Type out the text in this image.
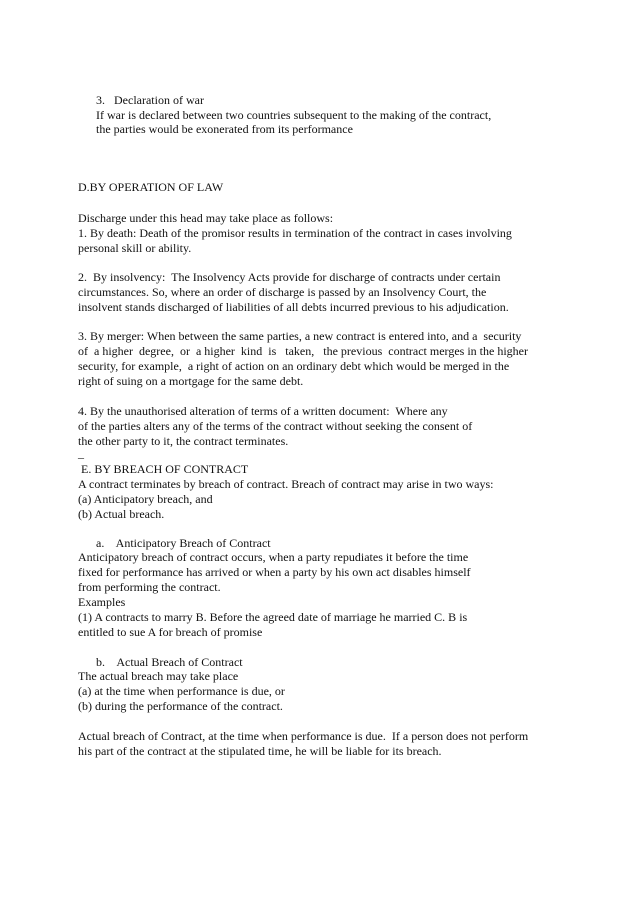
3.   Declaration of war

If war is declared between two countries subsequent to the making of the contract,

the parties would be exonerated from its performance

D.BY OPERATION OF LAW

Discharge under this head may take place as follows:

1. By death: Death of the promisor results in termination of the contract in cases involving

personal skill or ability.

2.  By insolvency:  The Insolvency Acts provide for discharge of contracts under certain

circumstances. So, where an order of discharge is passed by an Insolvency Court, the

insolvent stands discharged of liabilities of all debts incurred previous to his adjudication.

3. By merger: When between the same parties, a new contract is entered into, and a  security

of  a higher  degree,  or  a higher  kind  is   taken,   the previous  contract merges in the higher

security, for example,  a right of action on an ordinary debt which would be merged in the

right of suing on a mortgage for the same debt.

4. By the unauthorised alteration of terms of a written document:  Where any

of the parties alters any of the terms of the contract without seeking the consent of

the other party to it, the contract terminates.

_

E. BY BREACH OF CONTRACT

A contract terminates by breach of contract. Breach of contract may arise in two ways:

(a) Anticipatory breach, and

(b) Actual breach.

a.    Anticipatory Breach of Contract

Anticipatory breach of contract occurs, when a party repudiates it before the time

fixed for performance has arrived or when a party by his own act disables himself

from performing the contract.

Examples

(1) A contracts to marry B. Before the agreed date of marriage he married C. B is

entitled to sue A for breach of promise

b.    Actual Breach of Contract

The actual breach may take place

(a) at the time when performance is due, or

(b) during the performance of the contract.

Actual breach of Contract, at the time when performance is due.  If a person does not perform

his part of the contract at the stipulated time, he will be liable for its breach.
